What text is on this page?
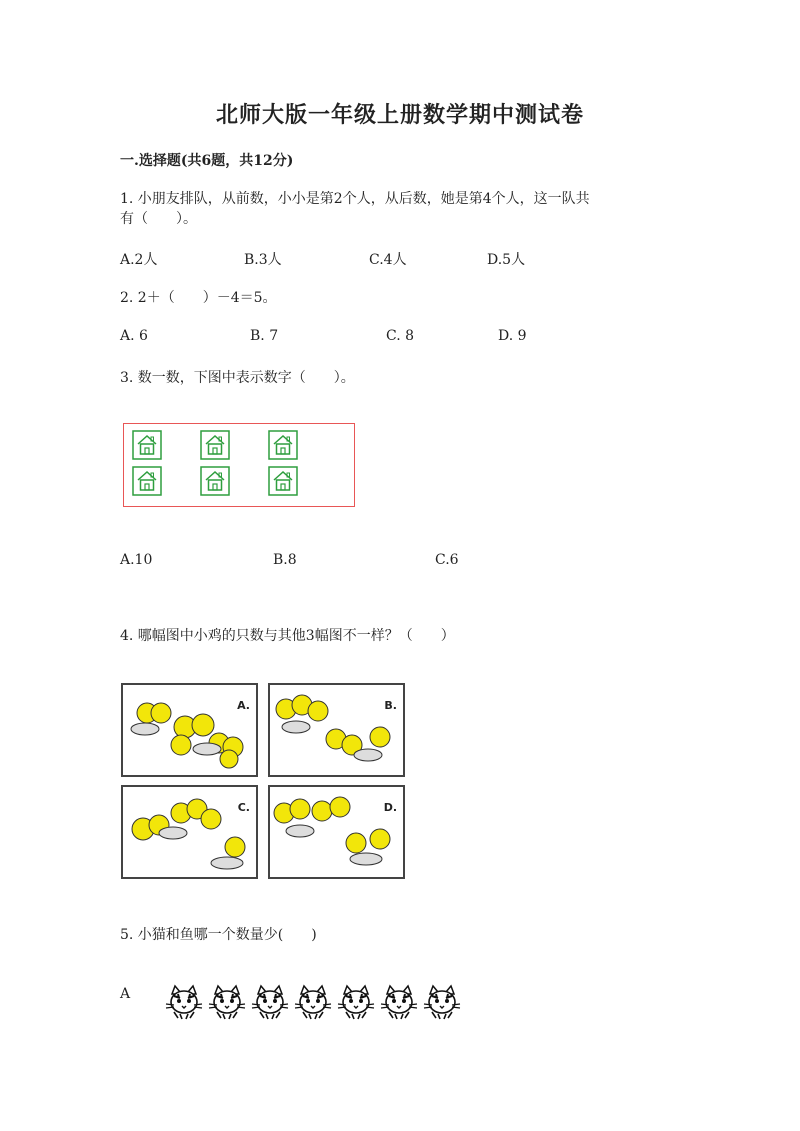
北师大版一年级上册数学期中测试卷
一.选择题(共6题，共12分)
1. 小朋友排队，从前数，小小是第2个人，从后数，她是第4个人，这一队共
有（　　）。
A.2人	B.3人	C.4人	D.5人
2. 2＋（　　）－4＝5。
A. 6	B. 7	C. 8	D. 9
3. 数一数，下图中表示数字（　　）。
A.10	B.8	C.6
4. 哪幅图中小鸡的只数与其他3幅图不一样？（　　）
A.	B.
C.	D.
5. 小猫和鱼哪一个数量少(　　)
A
